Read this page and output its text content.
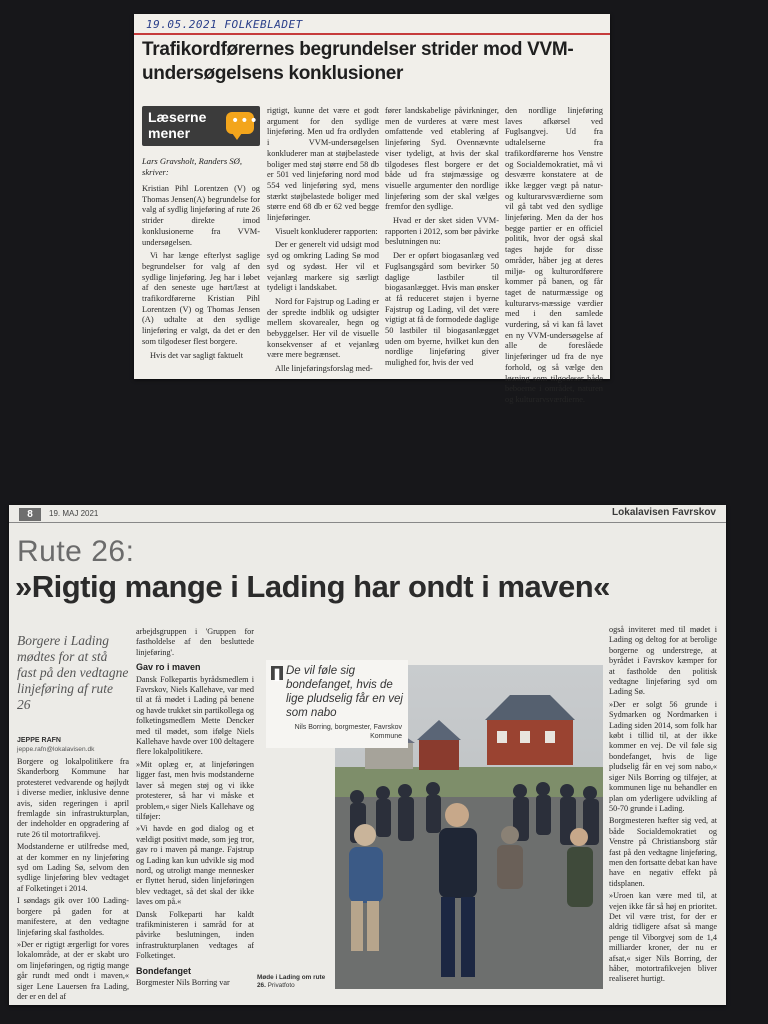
19.05.2021 FOLKEBLADET
Trafikordførernes begrundelser strider mod VVM-undersøgelsens konklusioner
Læserne mener
•••
Lars Gravsholt, Randers SØ, skriver:

Kristian Pihl Lorentzen (V) og Thomas Jensen(A) begrundelse for valg af sydlig linjeføring af rute 26 strider direkte imod konklusionerne fra VVM-undersøgelsen.

Vi har længe efterlyst saglige begrundelser for valg af den sydlige linjeføring. Jeg har i løbet af den seneste uge hørt/læst at trafikordførerne Kristian Pihl Lorentzen (V) og Thomas Jensen (A) udtalte at den sydlige linjeføring er valgt, da det er den som tilgodeser flest borgere.

Hvis det var sagligt faktuelt

rigtigt, kunne det være et godt argument for den sydlige linjeføring. Men ud fra ordlyden i VVM-undersøgelsen konkluderer man at støjbelastede boliger med støj større end 58 db er 501 ved linjeføring nord mod 554 ved linjeføring syd, mens stærkt støjbelastede boliger med større end 68 db er 62 ved begge linjeføringer.

Visuelt konkluderer rapporten:

Der er generelt vid udsigt mod syd og omkring Lading Sø mod syd og sydøst. Her vil et vejanlæg markere sig særligt tydeligt i landskabet.

Nord for Fajstrup og Lading er der spredte indblik og udsigter mellem skovarealer, hegn og bebyggelser. Her vil de visuelle konsekvenser af et vejanlæg være mere begrænset.

Alle linjeføringsforslag med-

fører landskabelige påvirkninger, men de vurderes at være mest omfattende ved etablering af linjeføring Syd. Ovennævnte viser tydeligt, at hvis der skal tilgodeses flest borgere er det både ud fra støjmæssige og visuelle argumenter den nordlige linjeføring som der skal vælges fremfor den sydlige.

Hvad er der sket siden VVM-rapporten i 2012, som bør påvirke beslutningen nu:

Der er opført biogasanlæg ved Fuglsangsgård som bevirker 50 daglige lastbiler til biogasanlægget. Hvis man ønsker at få reduceret støjen i byerne Fajstrup og Lading, vil det være vigtigt at få de formodede daglige 50 lastbiler til biogasanlægget uden om byerne, hvilket kun den nordlige linjeføring giver mulighed for, hvis der ved

den nordlige linjeføring laves afkørsel ved Fuglsangvej. Ud fra udtalelserne fra trafikordførerne hos Venstre og Socialdemokratiet, må vi desværre konstatere at de ikke lægger vægt på natur- og kulturarvsværdierne som vil gå tabt ved den sydlige linjeføring. Men da der hos begge partier er en officiel politik, hvor der også skal tages højde for disse områder, håber jeg at deres miljø- og kulturordførere kommer på banen, og får taget de naturmæssige og kulturarvs-mæssige værdier med i den samlede vurdering, så vi kan få lavet en ny VVM-undersøgelse af alle de foreslåede linjeføringer ud fra de nye forhold, og så vælge den løsning som tilgodeser både beboerne i området, naturen og kulturarvsværdierne.

8	19. MAJ 2021	Lokalavisen Favrskov
Rute 26:
»Rigtig mange i Lading har ondt i maven«
Borgere i Lading mødtes for at stå fast på den vedtagne linjeføring af rute 26
JEPPE RAFN
jeppe.rafn@lokalavisen.dk

Borgere og lokalpolitikere fra Skanderborg Kommune har protesteret vedvarende og højlydt i diverse medier, inklusive denne avis, siden regeringen i april fremlagde sin infrastrukturplan, der indeholder en opgradering af rute 26 til motortrafikvej.

Modstanderne er utilfredse med, at der kommer en ny linjeføring syd om Lading Sø, selvom den sydlige linjeføring blev vedtaget af Folketinget i 2014.

I søndags gik over 100 Lading-borgere på gaden for at manifestere, at den vedtagne linjeføring skal fastholdes.

»Der er rigtigt ærgerligt for vores lokalområde, at der er skabt uro om linjeføringen, og rigtig mange går rundt med ondt i maven,« siger Lene Lauersen fra Lading, der er en del af

arbejdsgruppen i 'Gruppen for fastholdelse af den besluttede linjeføring'.

Gav ro i maven

Dansk Folkepartis byrådsmedlem i Favrskov, Niels Kallehave, var med til at få mødet i Lading på benene og havde trukket sin partikollega og folketingsmedlem Mette Dencker med til mødet, som ifølge Niels Kallehave havde over 100 deltagere flere lokalpolitikere.

»Mit oplæg er, at linjeføringen ligger fast, men hvis modstanderne laver så megen støj og vi ikke protesterer, så har vi måske et problem,« siger Niels Kallehave og tilføjer:

»Vi havde en god dialog og et vældigt positivt møde, som jeg tror, gav ro i maven på mange. Fajstrup og Lading kan kun udvikle sig mod nord, og utroligt mange mennesker er flyttet herud, siden linjeføringen blev vedtaget, så det skal der ikke laves om på.«

Dansk Folkeparti har kaldt trafikministeren i samråd for at påvirke beslutningen, inden infrastrukturplanen vedtages af Folketinget.

Bondefanget

Borgmester Nils Borring var

❚ De vil føle sig bondefanget, hvis de lige pludselig får en vej som nabo
Nils Borring, borgmester, Favrskov Kommune
Møde i Lading om rute 26. Privatfoto

også inviteret med til mødet i Lading og deltog for at berolige borgerne og understrege, at byrådet i Favrskov kæmper for at fastholde den politisk vedtagne linjeføring syd om Lading Sø.

»Der er solgt 56 grunde i Sydmarken og Nordmarken i Lading siden 2014, som folk har købt i tillid til, at der ikke kommer en vej. De vil føle sig bondefanget, hvis de lige pludselig får en vej som nabo,« siger Nils Borring og tilføjer, at kommunen lige nu behandler en plan om yderligere udvikling af 50-70 grunde i Lading.

Borgmesteren hæfter sig ved, at både Socialdemokratiet og Venstre på Christiansborg står fast på den vedtagne linjeføring, men den fortsatte debat kan have have en negativ effekt på tidsplanen.

»Uroen kan være med til, at vejen ikke får så høj en prioritet. Det vil være trist, for der er aldrig tidligere afsat så mange penge til Viborgvej som de 1,4 milliarder kroner, der nu er afsat,« siger Nils Borring, der håber, motortrafikvejen bliver realiseret hurtigt.
